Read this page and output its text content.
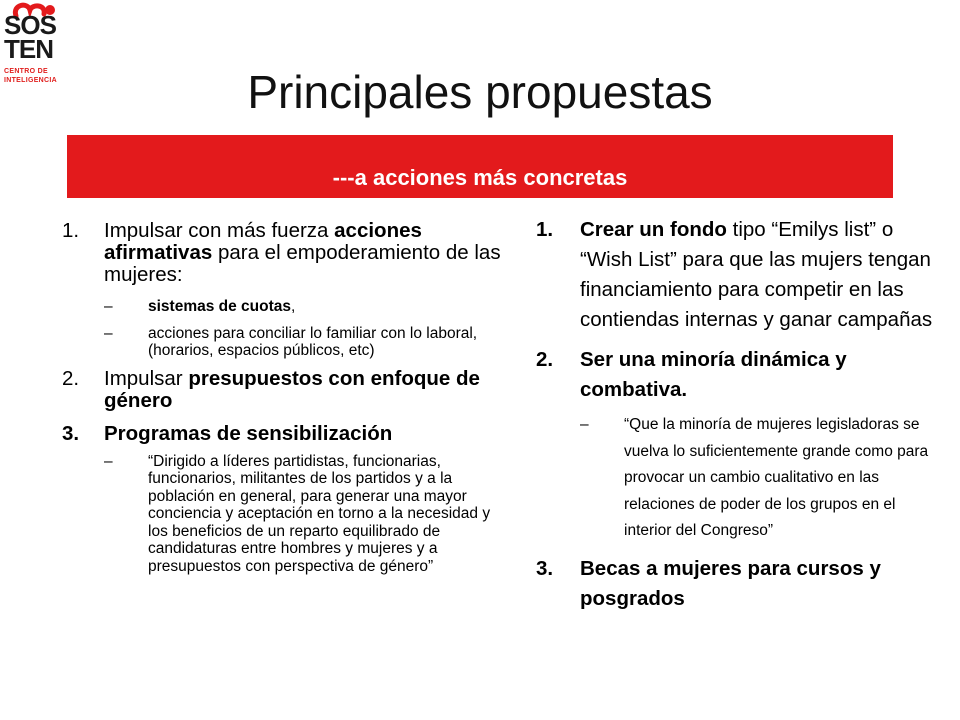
SOS
TEN
CENTRO DE
INTELIGENCIA	Principales propuestas
---a acciones más concretas
1.	Impulsar con más fuerza acciones afirmativas para el empoderamiento de las mujeres:
– sistemas de cuotas,
– acciones para conciliar lo familiar con lo laboral, (horarios, espacios públicos, etc)
2.	Impulsar presupuestos con enfoque de género
3.	Programas de sensibilización
– “Dirigido a líderes partidistas, funcionarias, funcionarios, militantes de los partidos y a la población en general, para generar una mayor conciencia y aceptación en torno a la necesidad y los beneficios de un reparto equilibrado de candidaturas entre hombres y mujeres y a presupuestos con perspectiva de género”
1. Crear un fondo tipo “Emilys list” o “Wish List” para que las mujers tengan financiamiento para competir en las contiendas internas y ganar campañas
2. Ser una minoría dinámica y combativa.
– “Que la minoría de mujeres legisladoras se vuelva lo suficientemente grande como para provocar un cambio cualitativo en las relaciones de poder de los grupos en el interior del Congreso”
3. Becas a mujeres para cursos y posgrados
